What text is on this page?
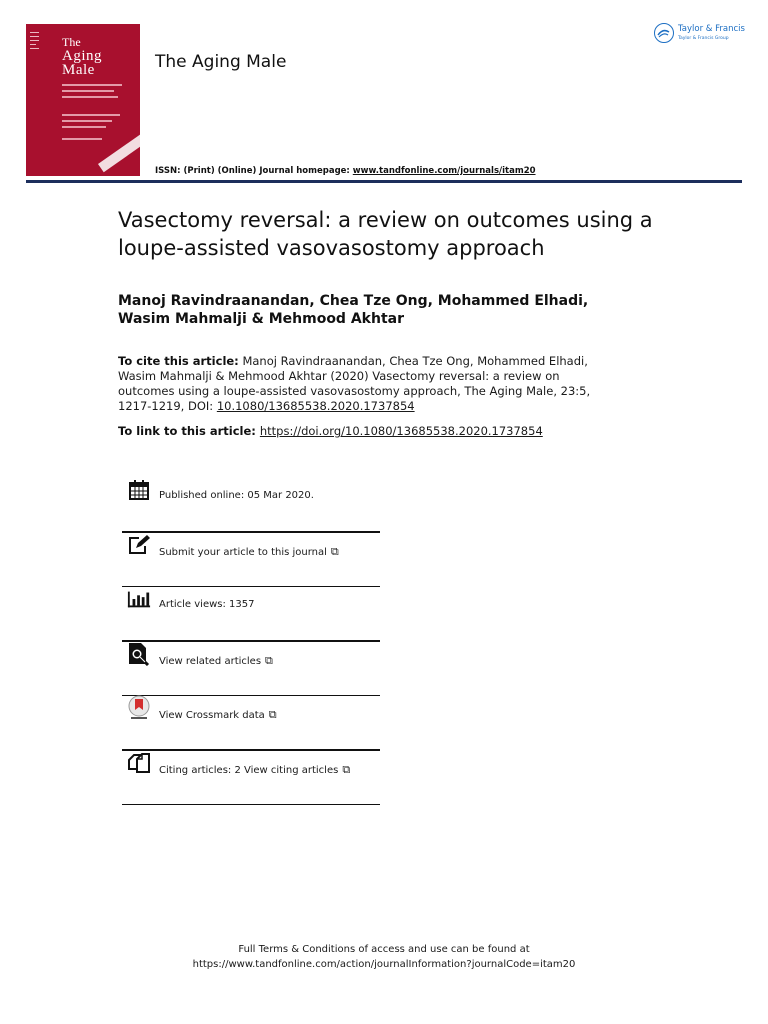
▬▬▬
▬▬▬
▬▬▬
▬▬
▬▬▬	The
Aging
Male	The Aging Male
ISSN: (Print) (Online) Journal homepage: www.tandfonline.com/journals/itam20
Taylor & Francis
Taylor & Francis Group
Vasectomy reversal: a review on outcomes using a loupe-assisted vasovasostomy approach
Manoj Ravindraanandan, Chea Tze Ong, Mohammed Elhadi, Wasim Mahmalji & Mehmood Akhtar
To cite this article: Manoj Ravindraanandan, Chea Tze Ong, Mohammed Elhadi, Wasim Mahmalji & Mehmood Akhtar (2020) Vasectomy reversal: a review on outcomes using a loupe-assisted vasovasostomy approach, The Aging Male, 23:5, 1217-1219, DOI: 10.1080/13685538.2020.1737854
To link to this article: https://doi.org/10.1080/13685538.2020.1737854
Published online: 05 Mar 2020.
Submit your article to this journal ⧉
Article views: 1357
View related articles ⧉
View Crossmark data ⧉
Citing articles: 2 View citing articles ⧉
Full Terms & Conditions of access and use can be found at
https://www.tandfonline.com/action/journalInformation?journalCode=itam20
